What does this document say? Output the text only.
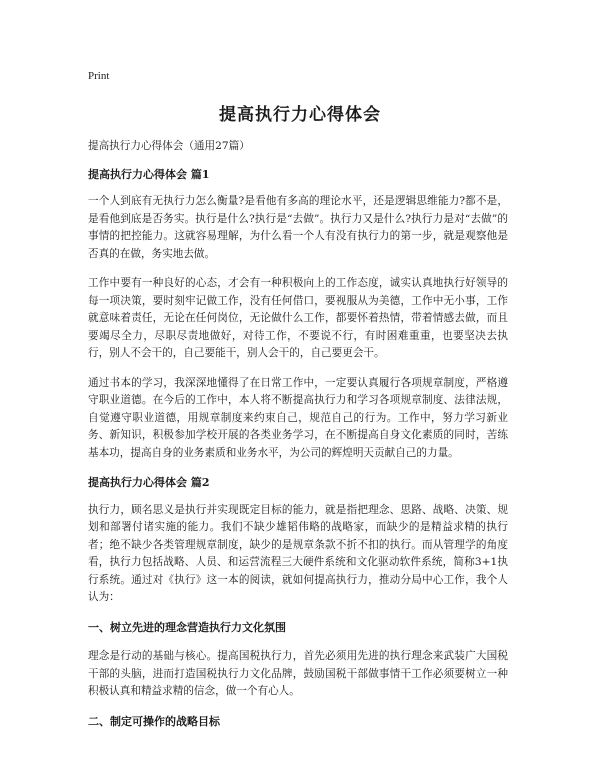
Print
提高执行力心得体会

提高执行力心得体会（通用27篇）

提高执行力心得体会 篇1

一个人到底有无执行力怎么衡量?是看他有多高的理论水平，还是逻辑思维能力?都不是，是看他到底是否务实。执行是什么?执行是“去做”。执行力又是什么?执行力是对“去做”的事情的把控能力。这就容易理解，为什么看一个人有没有执行力的第一步，就是观察他是否真的在做，务实地去做。

工作中要有一种良好的心态，才会有一种积极向上的工作态度，诚实认真地执行好领导的每一项决策，要时刻牢记做工作，没有任何借口，要视服从为美德，工作中无小事，工作就意味着责任，无论在任何岗位，无论做什么工作，都要怀着热情，带着情感去做，而且要竭尽全力，尽职尽责地做好，对待工作，不要说不行，有时困难重重，也要坚决去执行，别人不会干的，自己要能干，别人会干的，自己要更会干。

通过书本的学习，我深深地懂得了在日常工作中，一定要认真履行各项规章制度，严格遵守职业道德。在今后的工作中，本人将不断提高执行力和学习各项规章制度、法律法规，自觉遵守职业道德，用规章制度来约束自己，规范自己的行为。工作中，努力学习新业务、新知识，积极参加学校开展的各类业务学习，在不断提高自身文化素质的同时，苦练基本功，提高自身的业务素质和业务水平，为公司的辉煌明天贡献自己的力量。

提高执行力心得体会 篇2

执行力，顾名思义是执行并实现既定目标的能力，就是指把理念、思路、战略、决策、规划和部署付诸实施的能力。我们不缺少雄韬伟略的战略家，而缺少的是精益求精的执行者；绝不缺少各类管理规章制度，缺少的是规章条款不折不扣的执行。而从管理学的角度看，执行力包括战略、人员、和运营流程三大硬件系统和文化驱动软件系统，简称3+1执行系统。通过对《执行》这一本的阅读，就如何提高执行力，推动分局中心工作，我个人认为：

一、树立先进的理念营造执行力文化氛围

理念是行动的基础与核心。提高国税执行力，首先必须用先进的执行理念来武装广大国税干部的头脑，进而打造国税执行力文化品牌，鼓励国税干部做事情干工作必须要树立一种积极认真和精益求精的信念，做一个有心人。

二、制定可操作的战略目标
